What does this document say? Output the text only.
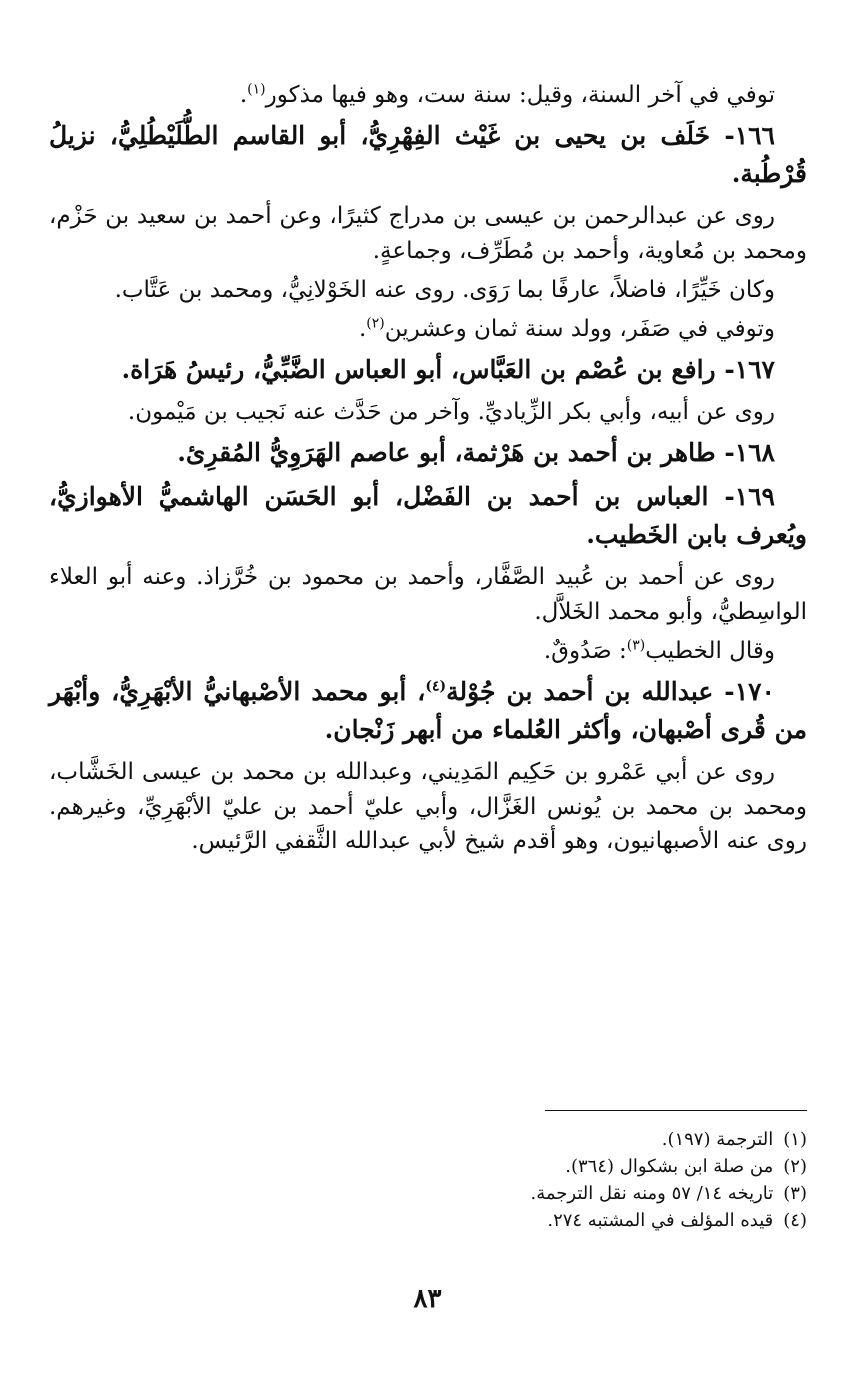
توفي في آخر السنة، وقيل: سنة ست، وهو فيها مذكور$^{(١)}$.

١٦٦- خَلَف بن يحيى بن غَيْث الفِهْرِيُّ، أبو القاسم الطُّلَيْطُلِيُّ، نزيلُ قُرْطُبة.

روى عن عبدالرحمن بن عيسى بن مدراج كثيرًا، وعن أحمد بن سعيد بن حَزْم، ومحمد بن مُعاوية، وأحمد بن مُطَرِّف، وجماعةٍ.

وكان خَيِّرًا، فاضلاً، عارفًا بما رَوَى. روى عنه الخَوْلانِيُّ، ومحمد بن عَتَّاب.

وتوفي في صَفَر، وولد سنة ثمان وعشرين$^{(٢)}$.

١٦٧- رافع بن عُصْم بن العَبَّاس، أبو العباس الضَّبِّيُّ، رئيسُ هَرَاة.

روى عن أبيه، وأبي بكر الزِّياديِّ. وآخر من حَدَّث عنه نَجيب بن مَيْمون.

١٦٨- طاهر بن أحمد بن هَرْثمة، أبو عاصم الهَرَوِيُّ المُقرِئ.

١٦٩- العباس بن أحمد بن الفَضْل، أبو الحَسَن الهاشميُّ الأهوازيُّ، ويُعرف بابن الخَطيب.

روى عن أحمد بن عُبيد الصَّفَّار، وأحمد بن محمود بن خُرَّزاذ. وعنه أبو العلاء الواسِطيُّ، وأبو محمد الخَلاَّل.

وقال الخطيب$^{(٣)}$: صَدُوقٌ.

١٧٠- عبدالله بن أحمد بن جُوْلة$^{(٤)}$، أبو محمد الأصْبهانيُّ الأبْهَرِيُّ، وأبْهَر من قُرى أصْبهان، وأكثر العُلماء من أبهر زَنْجان.

روى عن أبي عَمْرو بن حَكِيم المَدِيني، وعبدالله بن محمد بن عيسى الخَشَّاب، ومحمد بن محمد بن يُونس الغَزَّال، وأبي عليّ أحمد بن عليّ الأبْهَرِيِّ، وغيرهم. روى عنه الأصبهانيون، وهو أقدم شيخ لأبي عبدالله الثَّقفي الرَّئيس.

(١)
الترجمة (١٩٧).

(٢)
من صلة ابن بشكوال (٣٦٤).

(٣)
تاريخه ١٤/ ٥٧ ومنه نقل الترجمة.

(٤)
قيده المؤلف في المشتبه ٢٧٤.

٨٣
